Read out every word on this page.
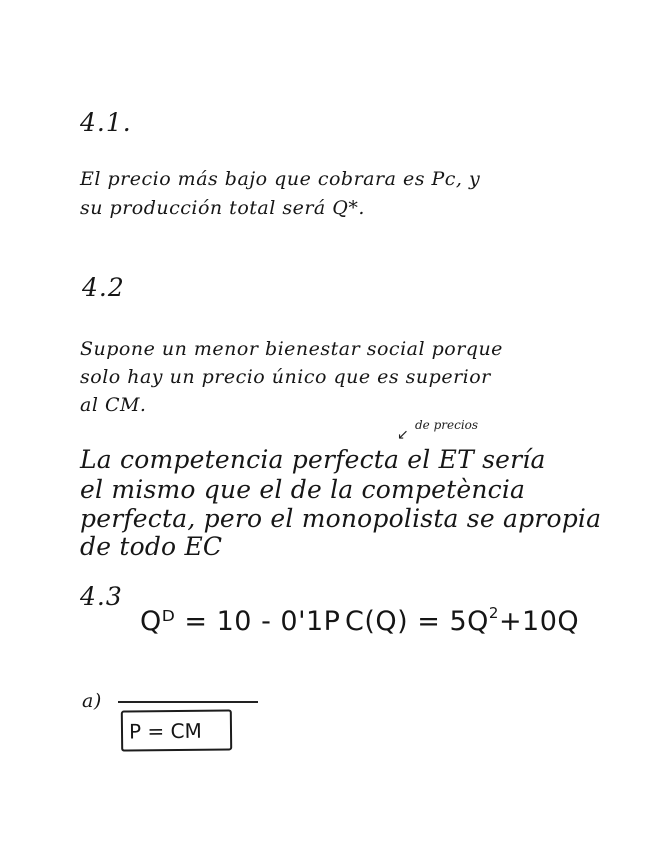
4.1.

El precio más bajo que cobrara es Pc, y

su producción total será Q*.

4.2

Supone un menor bienestar social porque

solo hay un precio único que es superior

al CM.

↙
de precios

La competencia perfecta el ET sería

el mismo que el de la competència

perfecta, pero el monopolista se apropia

de todo EC

4.3
Qᴰ = 10 - 0'1P $C(Q) = 5Q^2+10Q$
a)
P = CM
